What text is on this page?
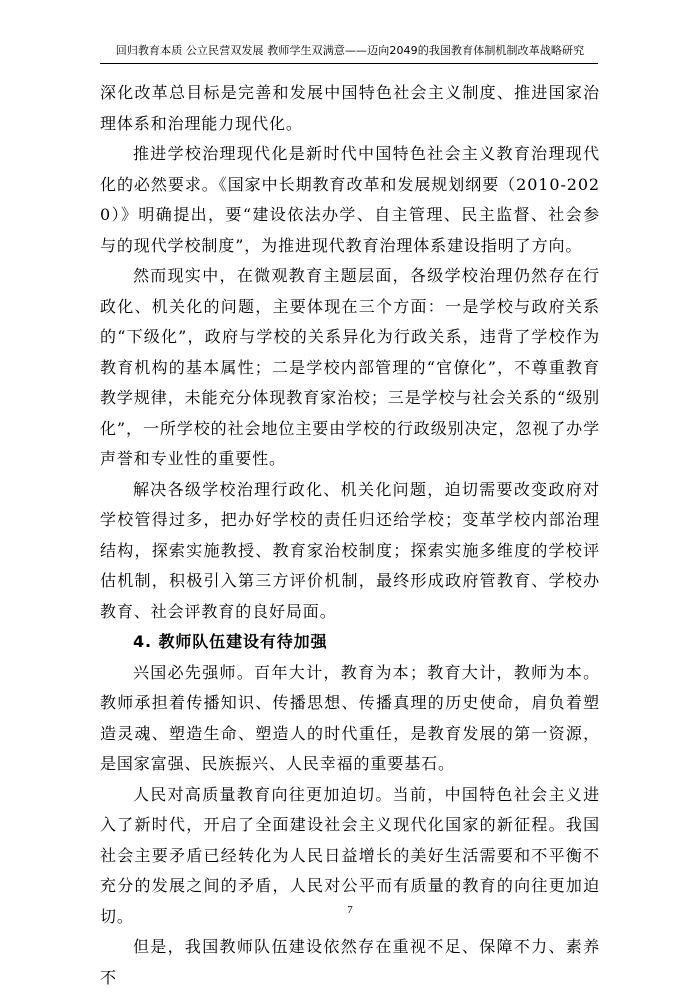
回归教育本质 公立民营双发展 教师学生双满意——迈向2049的我国教育体制机制改革战略研究

深化改革总目标是完善和发展中国特色社会主义制度、推进国家治理体系和治理能力现代化。

推进学校治理现代化是新时代中国特色社会主义教育治理现代化的必然要求。《国家中长期教育改革和发展规划纲要（2010-2020）》明确提出，要“建设依法办学、自主管理、民主监督、社会参与的现代学校制度”，为推进现代教育治理体系建设指明了方向。

然而现实中，在微观教育主题层面，各级学校治理仍然存在行政化、机关化的问题，主要体现在三个方面：一是学校与政府关系的“下级化”，政府与学校的关系异化为行政关系，违背了学校作为教育机构的基本属性；二是学校内部管理的“官僚化”，不尊重教育教学规律，未能充分体现教育家治校；三是学校与社会关系的“级别化”，一所学校的社会地位主要由学校的行政级别决定，忽视了办学声誉和专业性的重要性。

解决各级学校治理行政化、机关化问题，迫切需要改变政府对学校管得过多，把办好学校的责任归还给学校；变革学校内部治理结构，探索实施教授、教育家治校制度；探索实施多维度的学校评估机制，积极引入第三方评价机制，最终形成政府管教育、学校办教育、社会评教育的良好局面。

4. 教师队伍建设有待加强

兴国必先强师。百年大计，教育为本；教育大计，教师为本。教师承担着传播知识、传播思想、传播真理的历史使命，肩负着塑造灵魂、塑造生命、塑造人的时代重任，是教育发展的第一资源，是国家富强、民族振兴、人民幸福的重要基石。

人民对高质量教育向往更加迫切。当前，中国特色社会主义进入了新时代，开启了全面建设社会主义现代化国家的新征程。我国社会主要矛盾已经转化为人民日益增长的美好生活需要和不平衡不充分的发展之间的矛盾，人民对公平而有质量的教育的向往更加迫切。

但是，我国教师队伍建设依然存在重视不足、保障不力、素养不

7
